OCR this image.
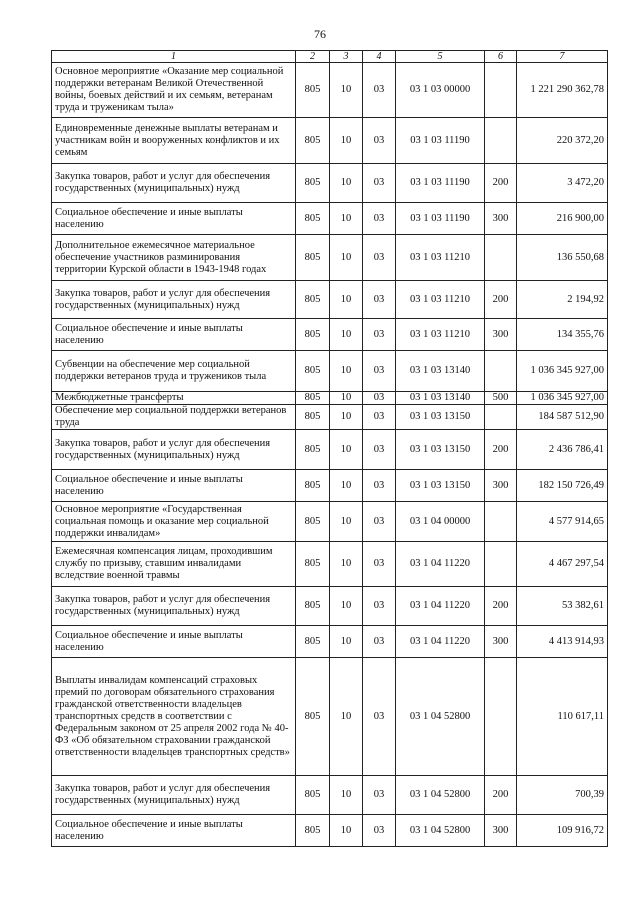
76
1	2	3	4	5	6	7
Основное мероприятие «Оказание мер социальной поддержки ветеранам Великой Отечественной войны, боевых действий и их семьям, ветеранам труда и труженикам тыла»	805	10	03	03 1 03 00000		1 221 290 362,78
Единовременные денежные выплаты ветеранам и участникам войн и вооруженных конфликтов и их семьям	805	10	03	03 1 03 11190		220 372,20
Закупка товаров, работ и услуг для обеспечения государственных (муниципальных) нужд	805	10	03	03 1 03 11190	200	3 472,20
Социальное обеспечение и иные выплаты населению	805	10	03	03 1 03 11190	300	216 900,00
Дополнительное ежемесячное материальное обеспечение участников разминирования территории Курской области в 1943-1948 годах	805	10	03	03 1 03 11210		136 550,68
Закупка товаров, работ и услуг для обеспечения государственных (муниципальных) нужд	805	10	03	03 1 03 11210	200	2 194,92
Социальное обеспечение и иные выплаты населению	805	10	03	03 1 03 11210	300	134 355,76
Субвенции на обеспечение мер социальной поддержки ветеранов труда и тружеников тыла	805	10	03	03 1 03 13140		1 036 345 927,00
Межбюджетные трансферты	805	10	03	03 1 03 13140	500	1 036 345 927,00
Обеспечение мер социальной поддержки ветеранов труда	805	10	03	03 1 03 13150		184 587 512,90
Закупка товаров, работ и услуг для обеспечения государственных (муниципальных) нужд	805	10	03	03 1 03 13150	200	2 436 786,41
Социальное обеспечение и иные выплаты населению	805	10	03	03 1 03 13150	300	182 150 726,49
Основное мероприятие «Государственная социальная помощь и оказание мер социальной поддержки инвалидам»	805	10	03	03 1 04 00000		4 577 914,65
Ежемесячная компенсация лицам, проходившим службу по призыву, ставшим инвалидами вследствие военной травмы	805	10	03	03 1 04 11220		4 467 297,54
Закупка товаров, работ и услуг для обеспечения государственных (муниципальных) нужд	805	10	03	03 1 04 11220	200	53 382,61
Социальное обеспечение и иные выплаты населению	805	10	03	03 1 04 11220	300	4 413 914,93
Выплаты инвалидам компенсаций страховых премий по договорам обязательного страхования гражданской ответственности владельцев транспортных средств в соответствии с Федеральным законом от 25 апреля 2002 года № 40-ФЗ «Об обязательном страховании гражданской ответственности владельцев транспортных средств»	805	10	03	03 1 04 52800		110 617,11
Закупка товаров, работ и услуг для обеспечения государственных (муниципальных) нужд	805	10	03	03 1 04 52800	200	700,39
Социальное обеспечение и иные выплаты населению	805	10	03	03 1 04 52800	300	109 916,72
